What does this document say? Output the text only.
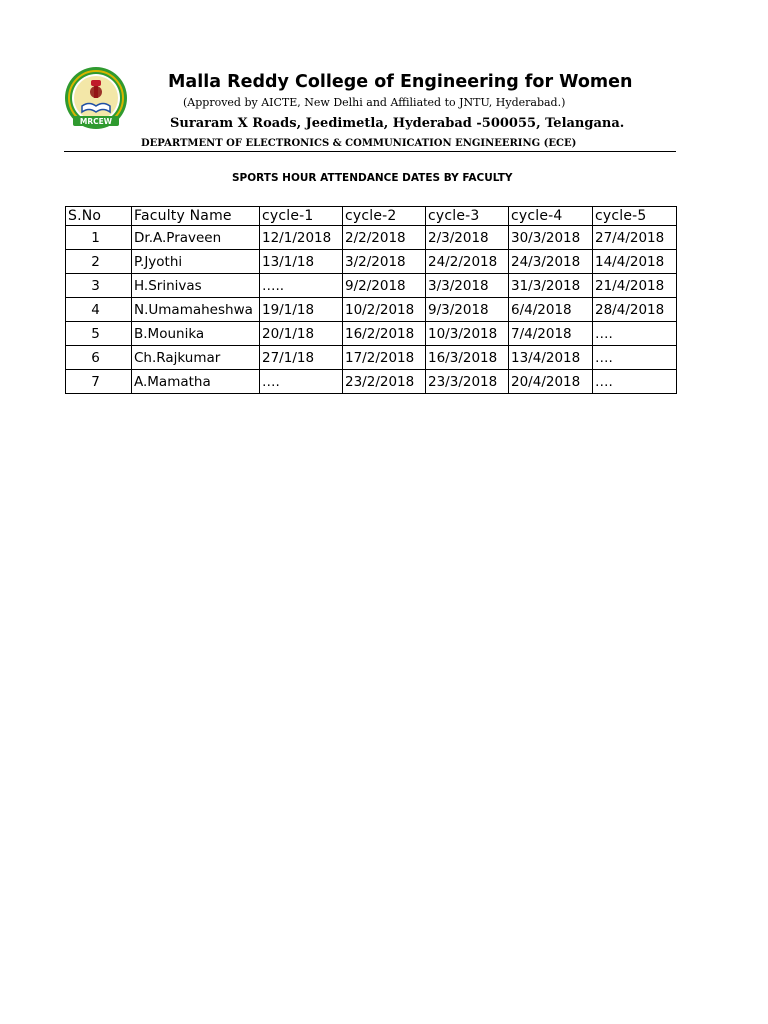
MRCEW
Malla Reddy College of Engineering for Women
(Approved by AICTE, New Delhi and Affiliated to JNTU, Hyderabad.)
Suraram X Roads, Jeedimetla, Hyderabad -500055, Telangana.
DEPARTMENT OF ELECTRONICS & COMMUNICATION ENGINEERING (ECE)
SPORTS HOUR ATTENDANCE DATES BY FACULTY
S.No	Faculty Name	cycle-1	cycle-2	cycle-3	cycle-4	cycle-5
1	Dr.A.Praveen	12/1/2018	2/2/2018	2/3/2018	30/3/2018	27/4/2018
2	P.Jyothi	13/1/18	3/2/2018	24/2/2018	24/3/2018	14/4/2018
3	H.Srinivas	…..	9/2/2018	3/3/2018	31/3/2018	21/4/2018
4	N.Umamaheshwa	19/1/18	10/2/2018	9/3/2018	6/4/2018	28/4/2018
5	B.Mounika	20/1/18	16/2/2018	10/3/2018	7/4/2018	….
6	Ch.Rajkumar	27/1/18	17/2/2018	16/3/2018	13/4/2018	….
7	A.Mamatha	….	23/2/2018	23/3/2018	20/4/2018	….
